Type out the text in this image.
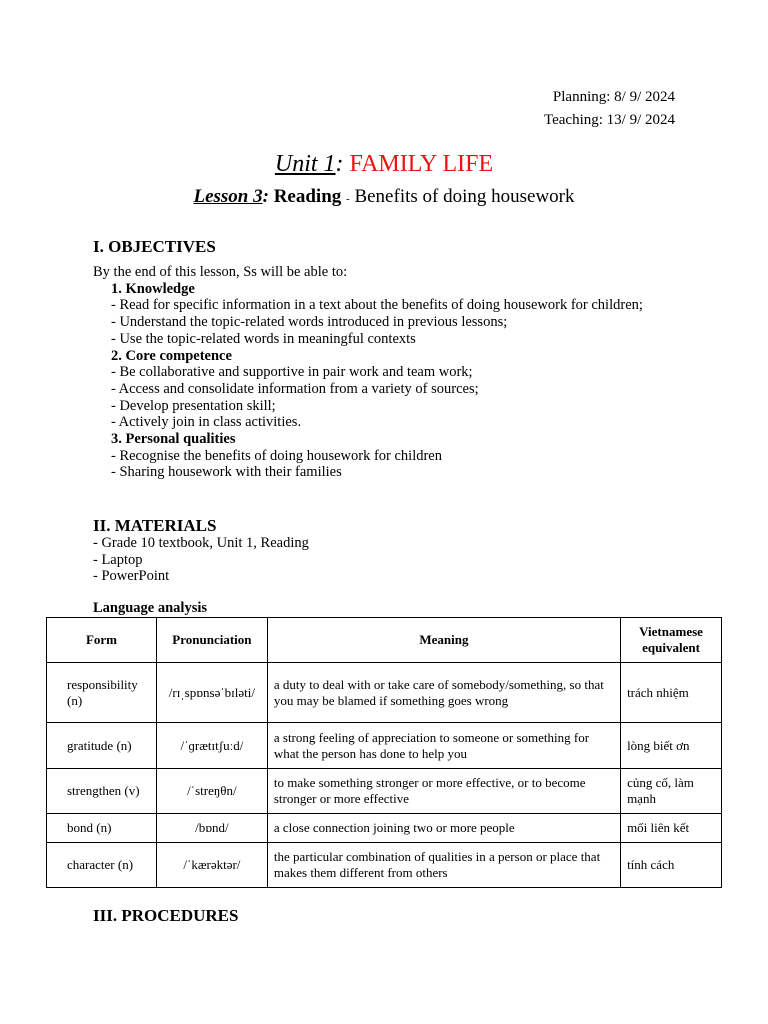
Planning: 8/ 9/ 2024
Teaching: 13/ 9/ 2024
Unit 1: FAMILY LIFE
Lesson 3: Reading - Benefits of doing housework
I. OBJECTIVES
By the end of this lesson, Ss will be able to:
1. Knowledge
- Read for specific information in a text about the benefits of doing housework for children;
- Understand the topic-related words introduced in previous lessons;
- Use the topic-related words in meaningful contexts
2. Core competence
- Be collaborative and supportive in pair work and team work;
- Access and consolidate information from a variety of sources;
- Develop presentation skill;
- Actively join in class activities.
3. Personal qualities
- Recognise the benefits of doing housework for children
- Sharing housework with their families
II. MATERIALS
- Grade 10 textbook, Unit 1, Reading
- Laptop
- PowerPoint
Language analysis
Form	Pronunciation	Meaning	Vietnamese equivalent
responsibility (n)	/rɪˌspɒnsəˈbɪləti/	a duty to deal with or take care of somebody/something, so that you may be blamed if something goes wrong	trách nhiệm
gratitude (n)	/ˈɡrætɪtʃuːd/	a strong feeling of appreciation to someone or something for what the person has done to help you	lòng biết ơn
strengthen (v)	/ˈstreŋθn/	to make something stronger or more effective, or to become stronger or more effective	củng cố, làm mạnh
bond (n)	/bɒnd/	a close connection joining two or more people	mối liên kết
character (n)	/ˈkærəktər/	the particular combination of qualities in a person or place that makes them different from others	tính cách
III. PROCEDURES
